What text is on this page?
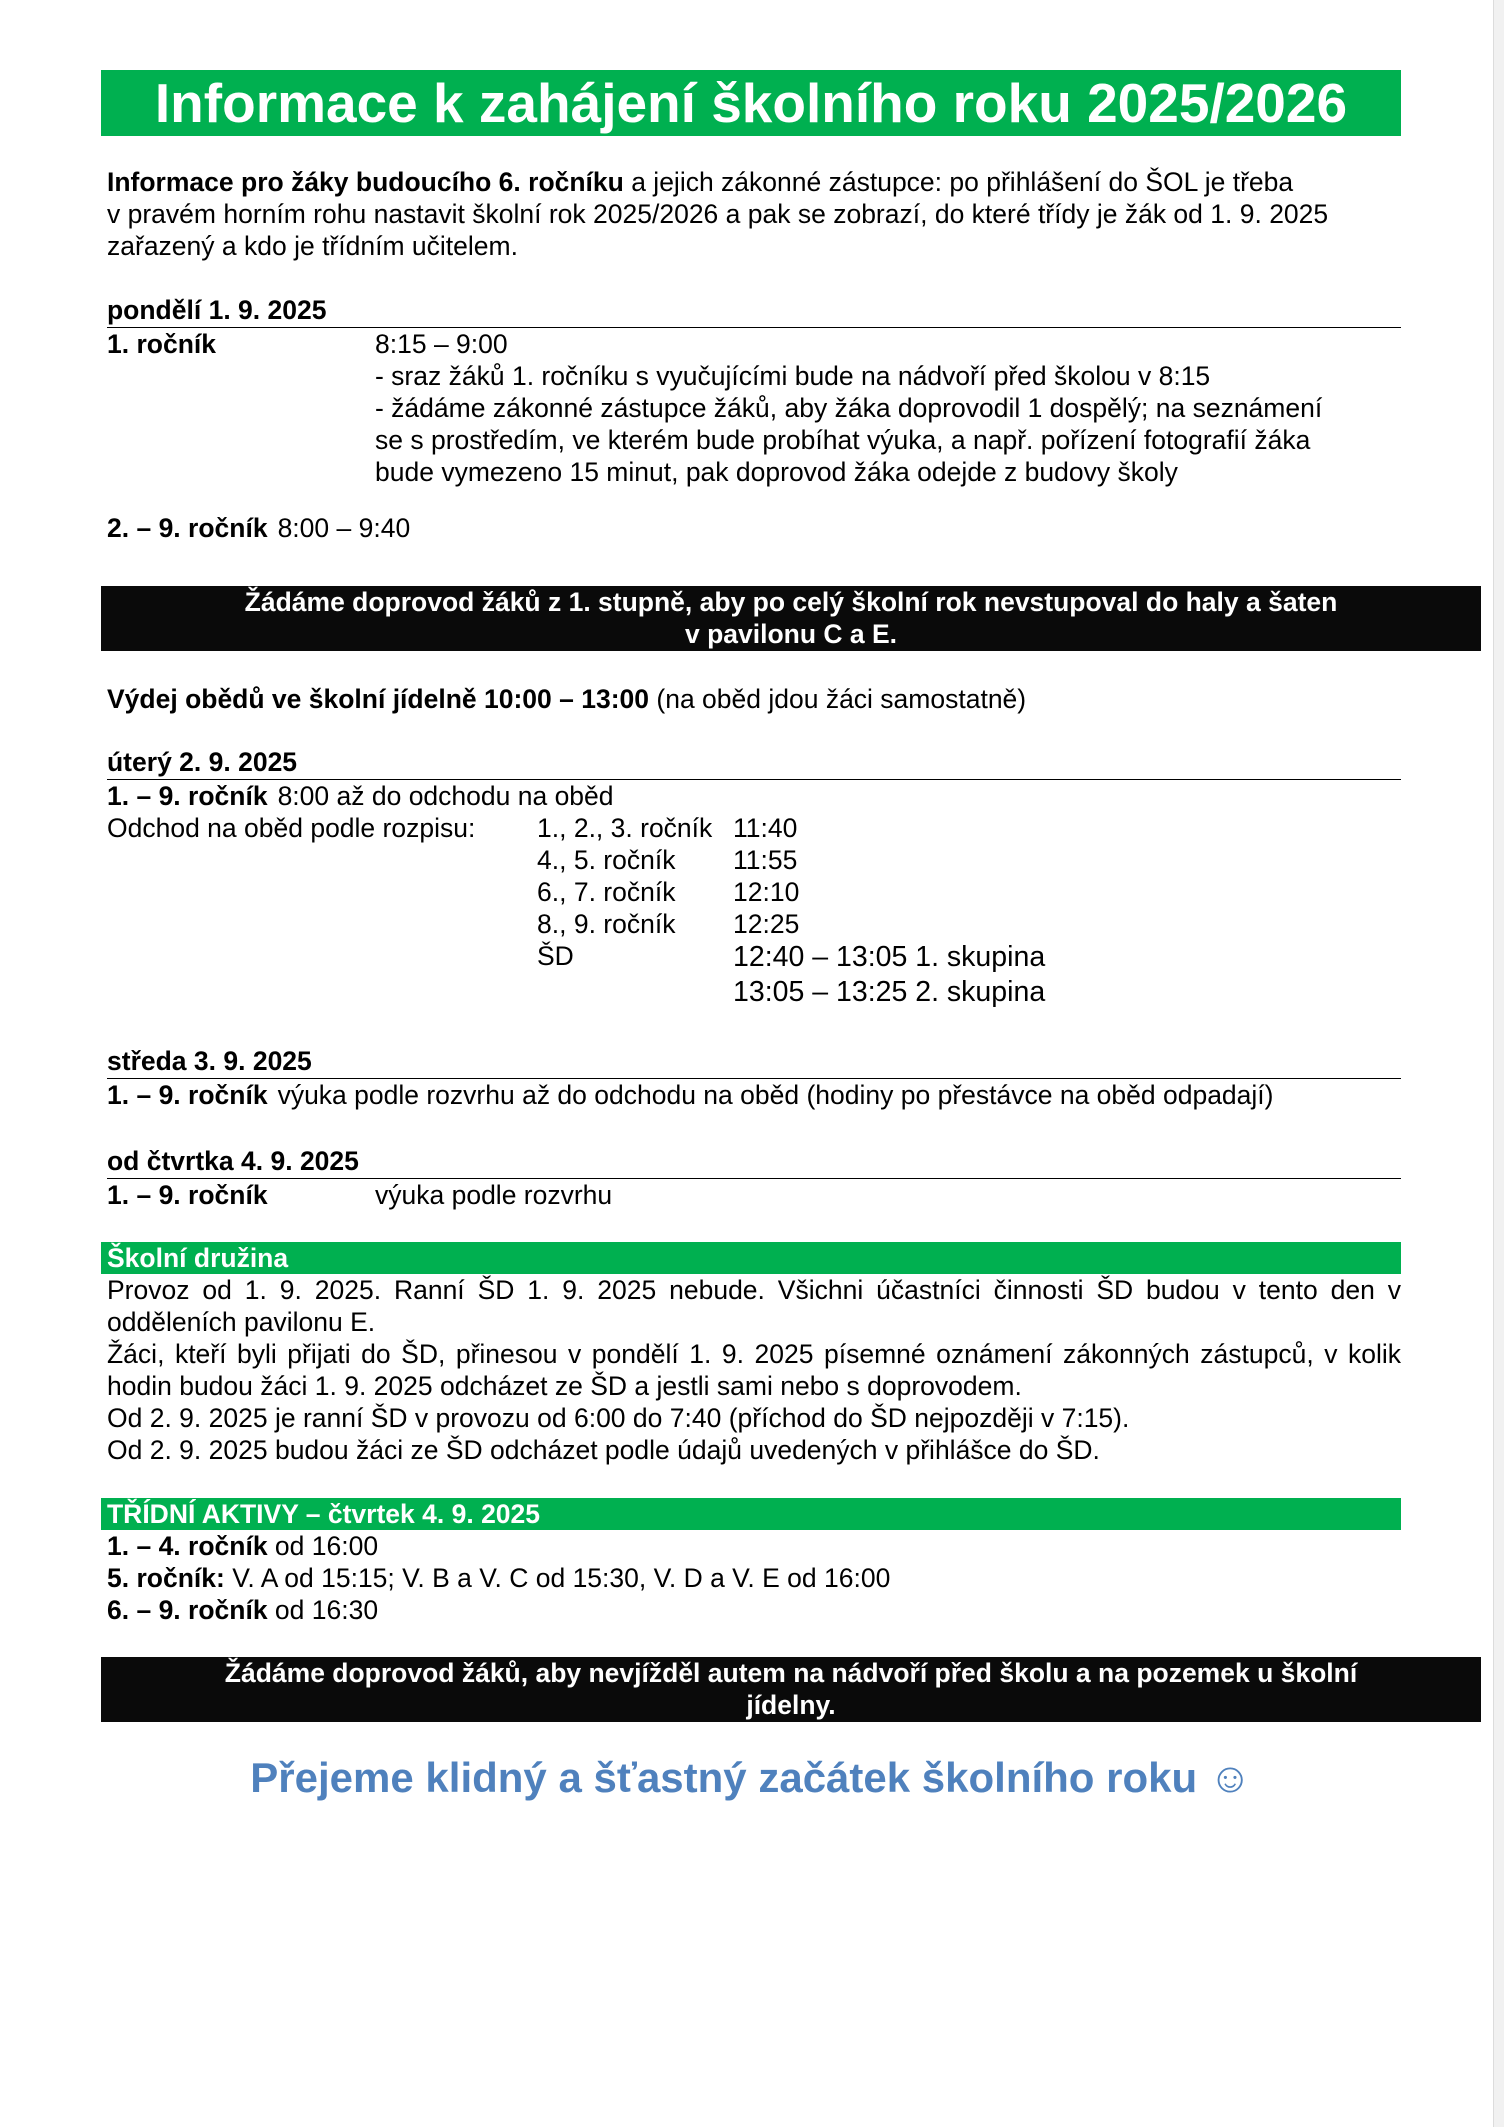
Informace k zahájení školního roku 2025/2026

Informace pro žáky budoucího 6. ročníku a jejich zákonné zástupce: po přihlášení do ŠOL je třeba

v pravém horním rohu nastavit školní rok 2025/2026 a pak se zobrazí, do které třídy je žák od 1. 9. 2025

zařazený a kdo je třídním učitelem.

pondělí 1. 9. 2025
1. ročník	8:15 – 9:00
- sraz žáků 1. ročníku s vyučujícími bude na nádvoří před školou v 8:15
- žádáme zákonné zástupce žáků, aby žáka doprovodil 1 dospělý; na seznámení
se s prostředím, ve kterém bude probíhat výuka, a např. pořízení fotografií žáka
bude vymezeno 15 minut, pak doprovod žáka odejde z budovy školy
2. – 9. ročník 8:00 – 9:40
Žádáme doprovod žáků z 1. stupně, aby po celý školní rok nevstupoval do haly a šaten
v pavilonu C a E.
Výdej obědů ve školní jídelně 10:00 – 13:00 (na oběd jdou žáci samostatně)
úterý 2. 9. 2025
1. – 9. ročník 8:00 až do odchodu na oběd
Odchod na oběd podle rozpisu:	1., 2., 3. ročník 11:40
4., 5. ročník	11:55
6., 7. ročník	12:10
8., 9. ročník	12:25
ŠD	12:40 – 13:05 1. skupina
13:05 – 13:25 2. skupina
středa 3. 9. 2025
1. – 9. ročník výuka podle rozvrhu až do odchodu na oběd (hodiny po přestávce na oběd odpadají)
od čtvrtka 4. 9. 2025
1. – 9. ročník	výuka podle rozvrhu
Školní družina

Provoz od 1. 9. 2025. Ranní ŠD 1. 9. 2025 nebude. Všichni účastníci činnosti ŠD budou v tento den v odděleních pavilonu E.

Žáci, kteří byli přijati do ŠD, přinesou v pondělí 1. 9. 2025 písemné oznámení zákonných zástupců, v kolik hodin budou žáci 1. 9. 2025 odcházet ze ŠD a jestli sami nebo s doprovodem.

Od 2. 9. 2025 je ranní ŠD v provozu od 6:00 do 7:40 (příchod do ŠD nejpozději v 7:15).

Od 2. 9. 2025 budou žáci ze ŠD odcházet podle údajů uvedených v přihlášce do ŠD.

TŘÍDNÍ AKTIVY – čtvrtek 4. 9. 2025
1. – 4. ročník od 16:00
5. ročník: V. A od 15:15; V. B a V. C od 15:30, V. D a V. E od 16:00
6. – 9. ročník od 16:30
Žádáme doprovod žáků, aby nevjížděl autem na nádvoří před školu a na pozemek u školní
jídelny.
Přejeme klidný a šťastný začátek školního roku ☺
